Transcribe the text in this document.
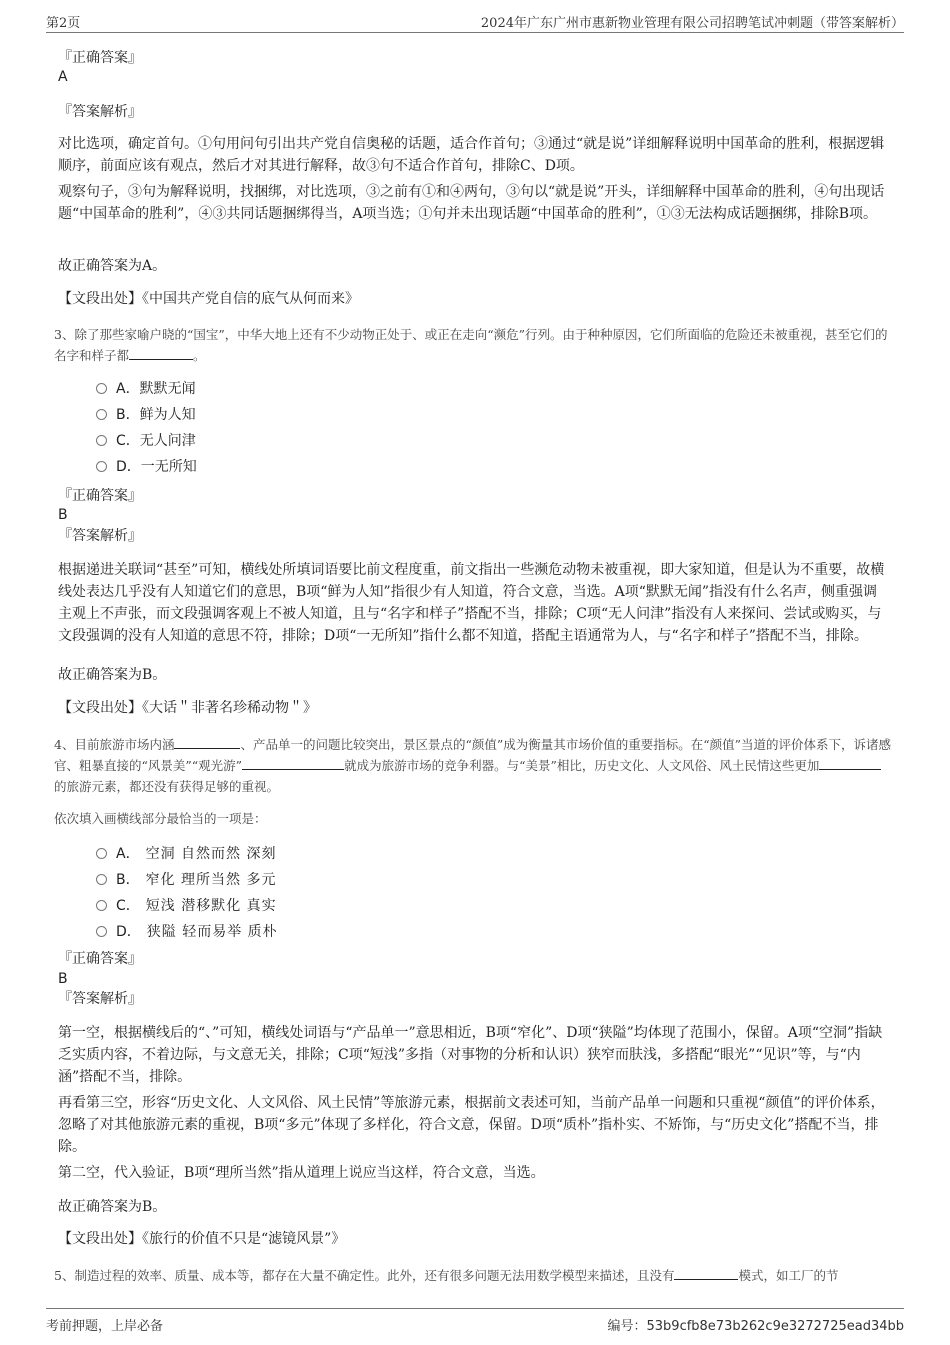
第2页	2024年广东广州市惠新物业管理有限公司招聘笔试冲刺题（带答案解析）
『正确答案』
A
『答案解析』
对比选项，确定首句。①句用问句引出共产党自信奥秘的话题，适合作首句；③通过“就是说”详细解释说明中国革命的胜利，根据逻辑顺序，前面应该有观点，然后才对其进行解释，故③句不适合作首句，排除C、D项。
观察句子，③句为解释说明，找捆绑，对比选项，③之前有①和④两句，③句以“就是说”开头，详细解释中国革命的胜利，④句出现话题“中国革命的胜利”，④③共同话题捆绑得当，A项当选；①句并未出现话题“中国革命的胜利”，①③无法构成话题捆绑，排除B项。
故正确答案为A。
【文段出处】《中国共产党自信的底气从何而来》
3、除了那些家喻户晓的“国宝”，中华大地上还有不少动物正处于、或正在走向“濒危”行列。由于种种原因，它们所面临的危险还未被重视，甚至它们的名字和样子都	。
A．默默无闻
B．鲜为人知
C．无人问津
D．一无所知
『正确答案』
B
『答案解析』
根据递进关联词“甚至”可知，横线处所填词语要比前文程度重，前文指出一些濒危动物未被重视，即大家知道，但是认为不重要，故横线处表达几乎没有人知道它们的意思，B项“鲜为人知”指很少有人知道，符合文意，当选。A项“默默无闻”指没有什么名声，侧重强调主观上不声张，而文段强调客观上不被人知道，且与“名字和样子”搭配不当，排除；C项“无人问津”指没有人来探问、尝试或购买，与文段强调的没有人知道的意思不符，排除；D项“一无所知”指什么都不知道，搭配主语通常为人，与“名字和样子”搭配不当，排除。
故正确答案为B。
【文段出处】《大话＂非著名珍稀动物＂》
4、目前旅游市场内涵	、产品单一的问题比较突出，景区景点的“颜值”成为衡量其市场价值的重要指标。在“颜值”当道的评价体系下，诉诸感官、粗暴直接的“风景美”“观光游”	就成为旅游市场的竞争利器。与“美景”相比，历史文化、人文风俗、风土民情这些更加的旅游元素，都还没有获得足够的重视。
依次填入画横线部分最恰当的一项是：
A． 空洞 自然而然 深刻
B． 窄化 理所当然 多元
C． 短浅 潜移默化 真实
D． 狭隘 轻而易举 质朴
『正确答案』
B
『答案解析』
第一空，根据横线后的“、”可知，横线处词语与“产品单一”意思相近，B项“窄化”、D项“狭隘”均体现了范围小，保留。A项“空洞”指缺乏实质内容，不着边际，与文意无关，排除；C项“短浅”多指（对事物的分析和认识）狭窄而肤浅，多搭配“眼光”“见识”等，与“内涵”搭配不当，排除。
再看第三空，形容“历史文化、人文风俗、风土民情”等旅游元素，根据前文表述可知，当前产品单一问题和只重视“颜值”的评价体系，忽略了对其他旅游元素的重视，B项“多元”体现了多样化，符合文意，保留。D项“质朴”指朴实、不矫饰，与“历史文化”搭配不当，排除。
第二空，代入验证，B项“理所当然”指从道理上说应当这样，符合文意，当选。
故正确答案为B。
【文段出处】《旅行的价值不只是“滤镜风景”》
5、制造过程的效率、质量、成本等，都存在大量不确定性。此外，还有很多问题无法用数学模型来描述，且没有	模式，如工厂的节
考前押题，上岸必备	编号：53b9cfb8e73b262c9e3272725ead34bb
